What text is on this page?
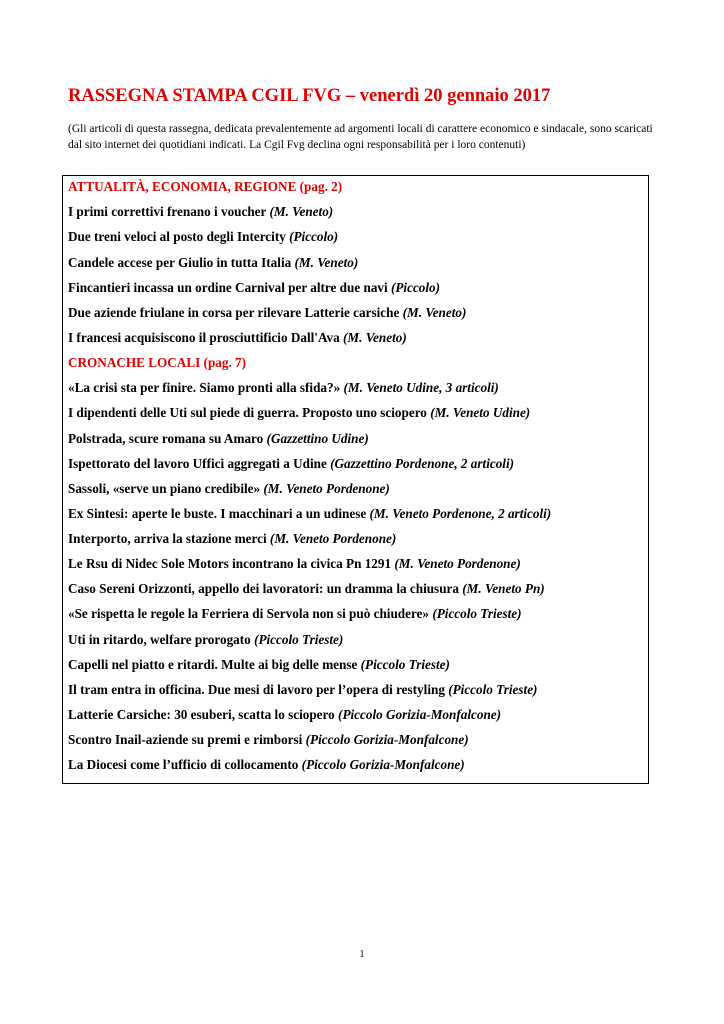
RASSEGNA STAMPA CGIL FVG – venerdì 20 gennaio 2017
(Gli articoli di questa rassegna, dedicata prevalentemente ad argomenti locali di carattere economico e sindacale, sono scaricati dal sito internet dei quotidiani indicati. La Cgil Fvg declina ogni responsabilità per i loro contenuti)
ATTUALITÀ, ECONOMIA, REGIONE (pag. 2)
I primi correttivi frenano i voucher (M. Veneto)
Due treni veloci al posto degli Intercity (Piccolo)
Candele accese per Giulio in tutta Italia (M. Veneto)
Fincantieri incassa un ordine Carnival per altre due navi (Piccolo)
Due aziende friulane in corsa per rilevare Latterie carsiche (M. Veneto)
I francesi acquisiscono il prosciuttificio Dall'Ava (M. Veneto)
CRONACHE LOCALI (pag. 7)
«La crisi sta per finire. Siamo pronti alla sfida?» (M. Veneto Udine, 3 articoli)
I dipendenti delle Uti sul piede di guerra. Proposto uno sciopero (M. Veneto Udine)
Polstrada, scure romana su Amaro (Gazzettino Udine)
Ispettorato del lavoro Uffici aggregati a Udine (Gazzettino Pordenone, 2 articoli)
Sassoli, «serve un piano credibile» (M. Veneto Pordenone)
Ex Sintesi: aperte le buste. I macchinari a un udinese (M. Veneto Pordenone, 2 articoli)
Interporto, arriva la stazione merci (M. Veneto Pordenone)
Le Rsu di Nidec Sole Motors incontrano la civica Pn 1291 (M. Veneto Pordenone)
Caso Sereni Orizzonti, appello dei lavoratori: un dramma la chiusura (M. Veneto Pn)
«Se rispetta le regole la Ferriera di Servola non si può chiudere» (Piccolo Trieste)
Uti in ritardo, welfare prorogato (Piccolo Trieste)
Capelli nel piatto e ritardi. Multe ai big delle mense (Piccolo Trieste)
Il tram entra in officina. Due mesi di lavoro per l’opera di restyling (Piccolo Trieste)
Latterie Carsiche: 30 esuberi, scatta lo sciopero (Piccolo Gorizia-Monfalcone)
Scontro Inail-aziende su premi e rimborsi (Piccolo Gorizia-Monfalcone)
La Diocesi come l’ufficio di collocamento (Piccolo Gorizia-Monfalcone)
1
